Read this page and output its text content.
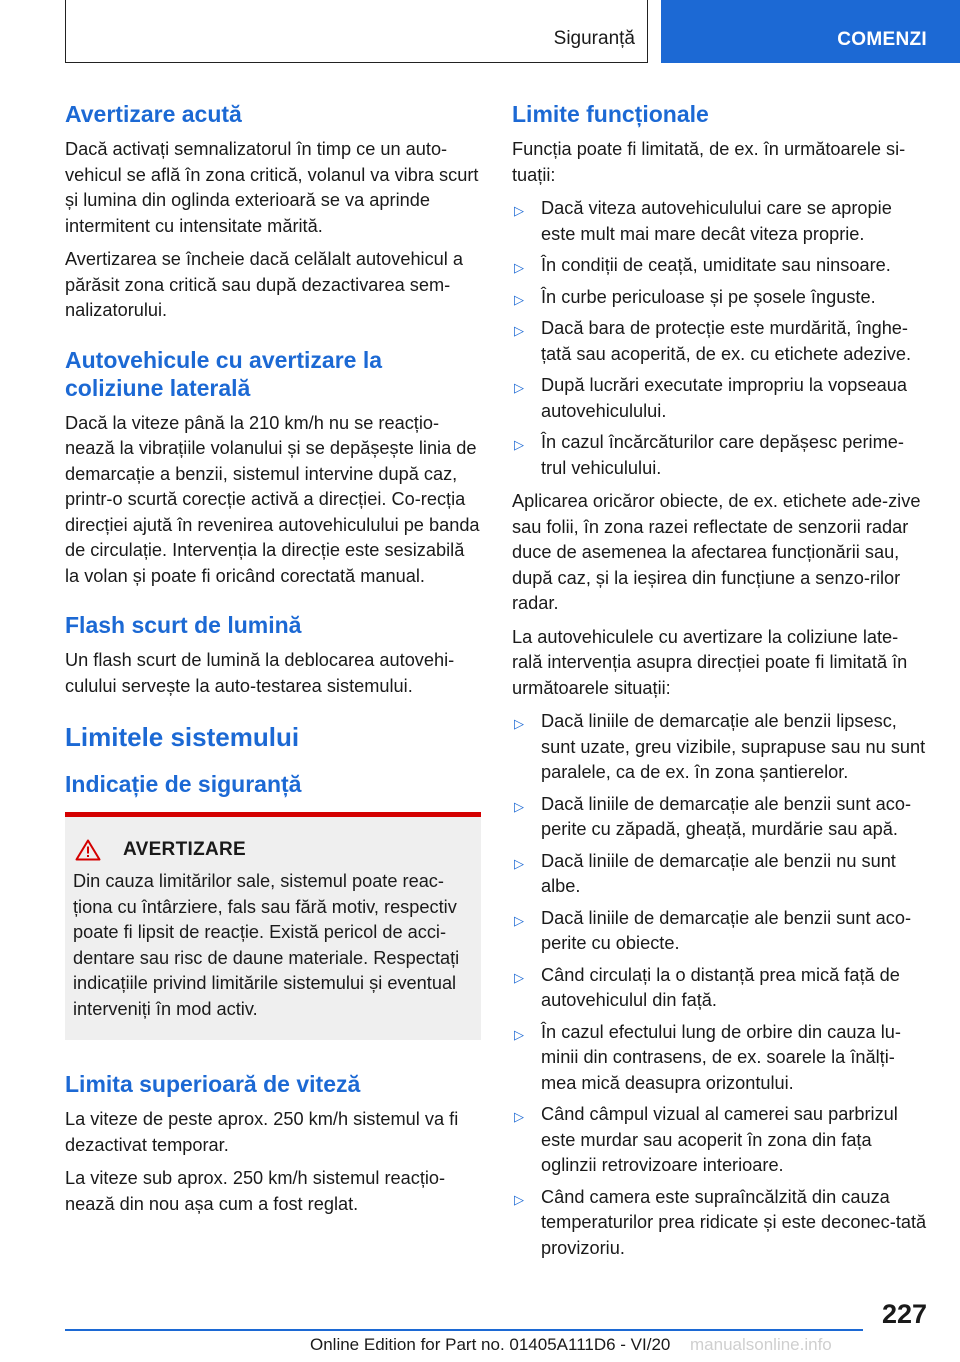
Siguranță	COMENZI
Avertizare acută

Dacă activați semnalizatorul în timp ce un auto-vehicul se află în zona critică, volanul va vibra scurt și lumina din oglinda exterioară se va aprinde intermitent cu intensitate mărită.

Avertizarea se încheie dacă celălalt autovehicul a părăsit zona critică sau după dezactivarea sem-nalizatorului.

Autovehicule cu avertizare la coliziune laterală

Dacă la viteze până la 210 km/h nu se reacțio-nează la vibrațiile volanului și se depășește linia de demarcație a benzii, sistemul intervine după caz, printr-o scurtă corecție activă a direcției. Co-recția direcției ajută în revenirea autovehiculului pe banda de circulație. Intervenția la direcție este sesizabilă la volan și poate fi oricând corectată manual.

Flash scurt de lumină

Un flash scurt de lumină la deblocarea autovehi-culului servește la auto-testarea sistemului.

Limitele sistemului
Indicație de siguranță
AVERTIZARE

Din cauza limitărilor sale, sistemul poate reac-ționa cu întârziere, fals sau fără motiv, respectiv poate fi lipsit de reacție. Există pericol de acci-dentare sau risc de daune materiale. Respectați indicațiile privind limitările sistemului și eventual interveniți în mod activ.

Limita superioară de viteză

La viteze de peste aprox. 250 km/h sistemul va fi dezactivat temporar.

La viteze sub aprox. 250 km/h sistemul reacțio-nează din nou așa cum a fost reglat.

Limite funcționale

Funcția poate fi limitată, de ex. în următoarele si-tuații:

▷ Dacă viteza autovehiculului care se apropie este mult mai mare decât viteza proprie.
▷ În condiții de ceață, umiditate sau ninsoare.
▷ În curbe periculoase și pe șosele înguste.
▷ Dacă bara de protecție este murdărită, înghe-țată sau acoperită, de ex. cu etichete adezive.
▷ După lucrări executate impropriu la vopseaua autovehiculului.
▷ În cazul încărcăturilor care depășesc perime-trul vehiculului.

Aplicarea oricăror obiecte, de ex. etichete ade-zive sau folii, în zona razei reflectate de senzorii radar duce de asemenea la afectarea funcționării sau, după caz, și la ieșirea din funcțiune a senzo-rilor radar.

La autovehiculele cu avertizare la coliziune late-rală intervenția asupra direcției poate fi limitată în următoarele situații:

▷ Dacă liniile de demarcație ale benzii lipsesc, sunt uzate, greu vizibile, suprapuse sau nu sunt paralele, ca de ex. în zona șantierelor.
▷ Dacă liniile de demarcație ale benzii sunt aco-perite cu zăpadă, gheață, murdărie sau apă.
▷ Dacă liniile de demarcație ale benzii nu sunt albe.
▷ Dacă liniile de demarcație ale benzii sunt aco-perite cu obiecte.
▷ Când circulați la o distanță prea mică față de autovehiculul din față.
▷ În cazul efectului lung de orbire din cauza lu-minii din contrasens, de ex. soarele la înălți-mea mică deasupra orizontului.
▷ Când câmpul vizual al camerei sau parbrizul este murdar sau acoperit în zona din fața oglinzii retrovizoare interioare.
▷ Când camera este supraîncălzită din cauza temperaturilor prea ridicate și este deconec-tată provizoriu.
227
Online Edition for Part no. 01405A111D6 - VI/20 manualsonline.info
